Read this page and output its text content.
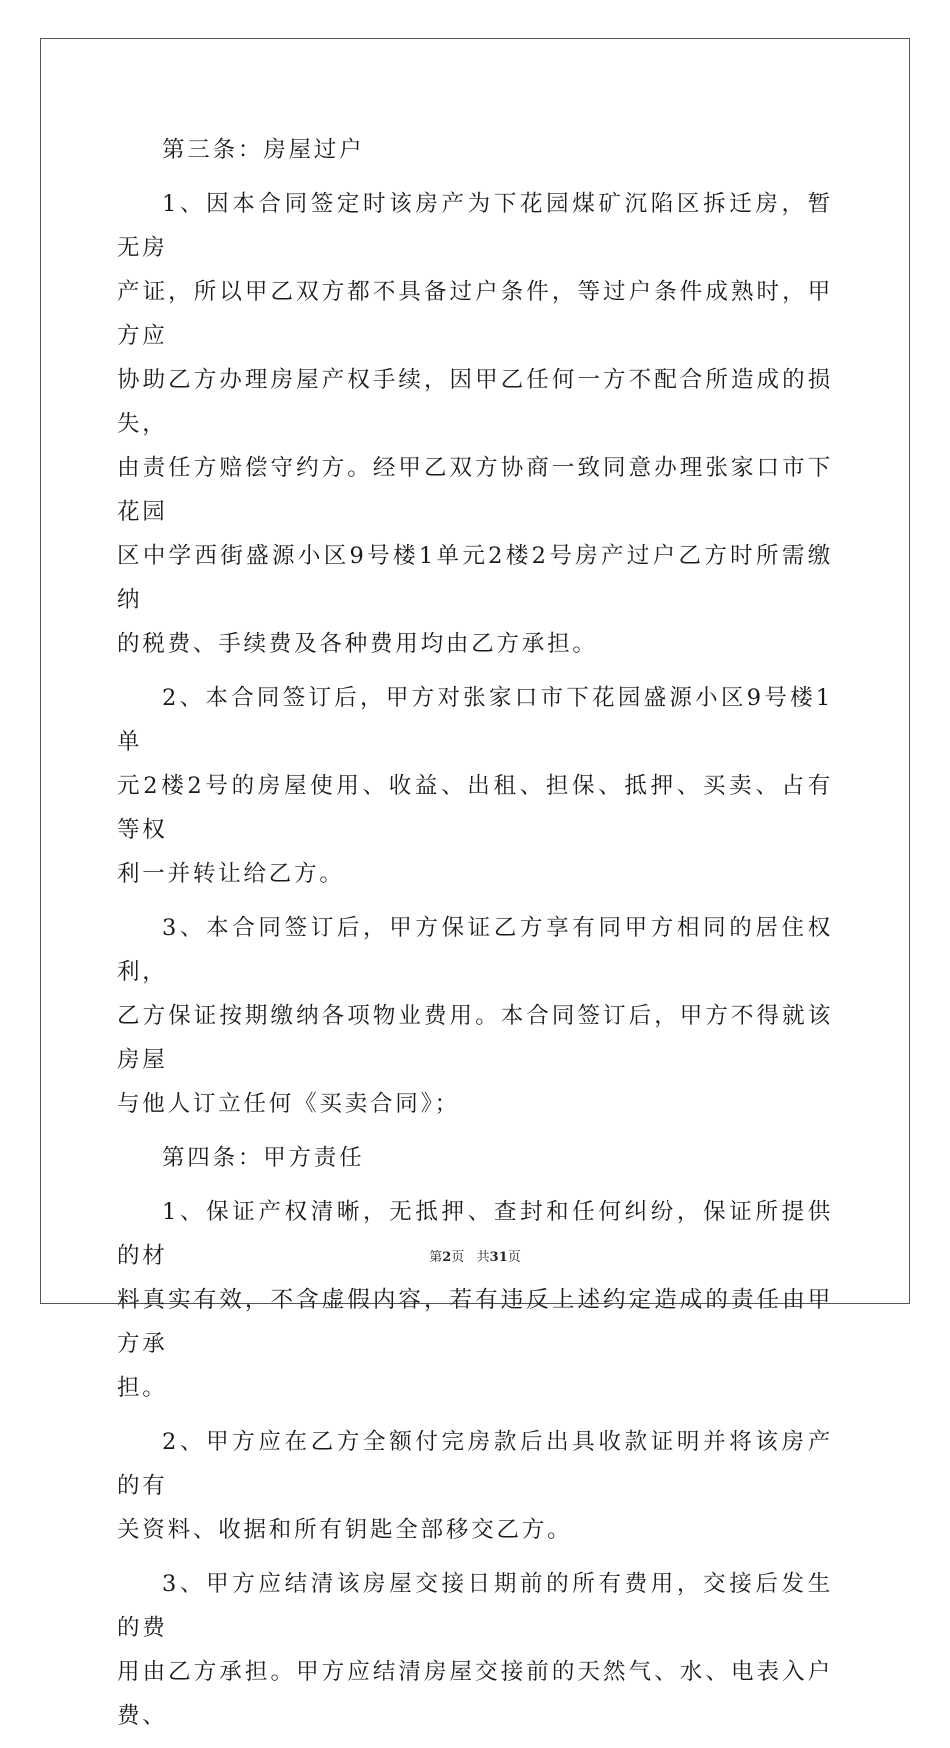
第三条：房屋过户
1、因本合同签定时该房产为下花园煤矿沉陷区拆迁房，暂无房
产证，所以甲乙双方都不具备过户条件，等过户条件成熟时，甲方应
协助乙方办理房屋产权手续，因甲乙任何一方不配合所造成的损失，
由责任方赔偿守约方。经甲乙双方协商一致同意办理张家口市下花园
区中学西街盛源小区9号楼1单元2楼2号房产过户乙方时所需缴纳
的税费、手续费及各种费用均由乙方承担。
2、本合同签订后，甲方对张家口市下花园盛源小区9号楼1单
元2楼2号的房屋使用、收益、出租、担保、抵押、买卖、占有等权
利一并转让给乙方。
3、本合同签订后，甲方保证乙方享有同甲方相同的居住权利，
乙方保证按期缴纳各项物业费用。本合同签订后，甲方不得就该房屋
与他人订立任何《买卖合同》；
第四条：甲方责任
1、保证产权清晰，无抵押、查封和任何纠纷，保证所提供的材
料真实有效，不含虚假内容，若有违反上述约定造成的责任由甲方承
担。
2、甲方应在乙方全额付完房款后出具收款证明并将该房产的有
关资料、收据和所有钥匙全部移交乙方。
3、甲方应结清该房屋交接日期前的所有费用，交接后发生的费
用由乙方承担。甲方应结清房屋交接前的天然气、水、电表入户费、
第2页   共31页
